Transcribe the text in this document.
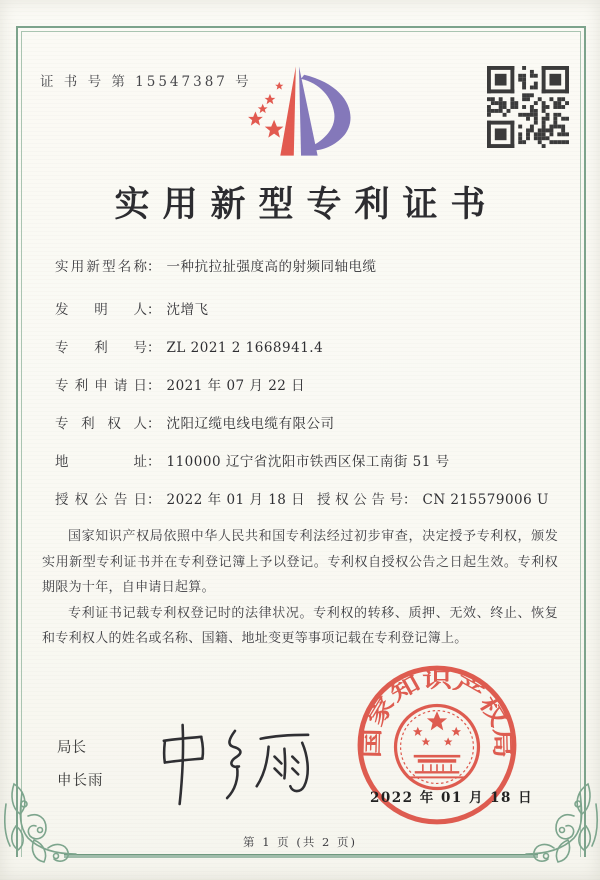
证 书 号 第 15547387 号
实用新型专利证书
实用新型名称 ： 一种抗拉扯强度高的射频同轴电缆
发明人 ： 沈增飞
专利号 ： ZL 2021 2 1668941.4
专利申请日 ： 2021 年 07 月 22 日
专利权人 ： 沈阳辽缆电线电缆有限公司
地址 ： 110000 辽宁省沈阳市铁西区保工南街 51 号
授权公告日 ： 2022 年 01 月 18 日 授权公告号 ： CN 215579006 U

国家知识产权局依照中华人民共和国专利法经过初步审查，决定授予专利权，颁发实用新型专利证书并在专利登记簿上予以登记。专利权自授权公告之日起生效。专利权期限为十年，自申请日起算。

专利证书记载专利权登记时的法律状况。专利权的转移、质押、无效、终止、恢复和专利权人的姓名或名称、国籍、地址变更等事项记载在专利登记簿上。

局长
申长雨
国家知识产权局
2022 年 01 月 18 日
第 1 页 (共 2 页)
